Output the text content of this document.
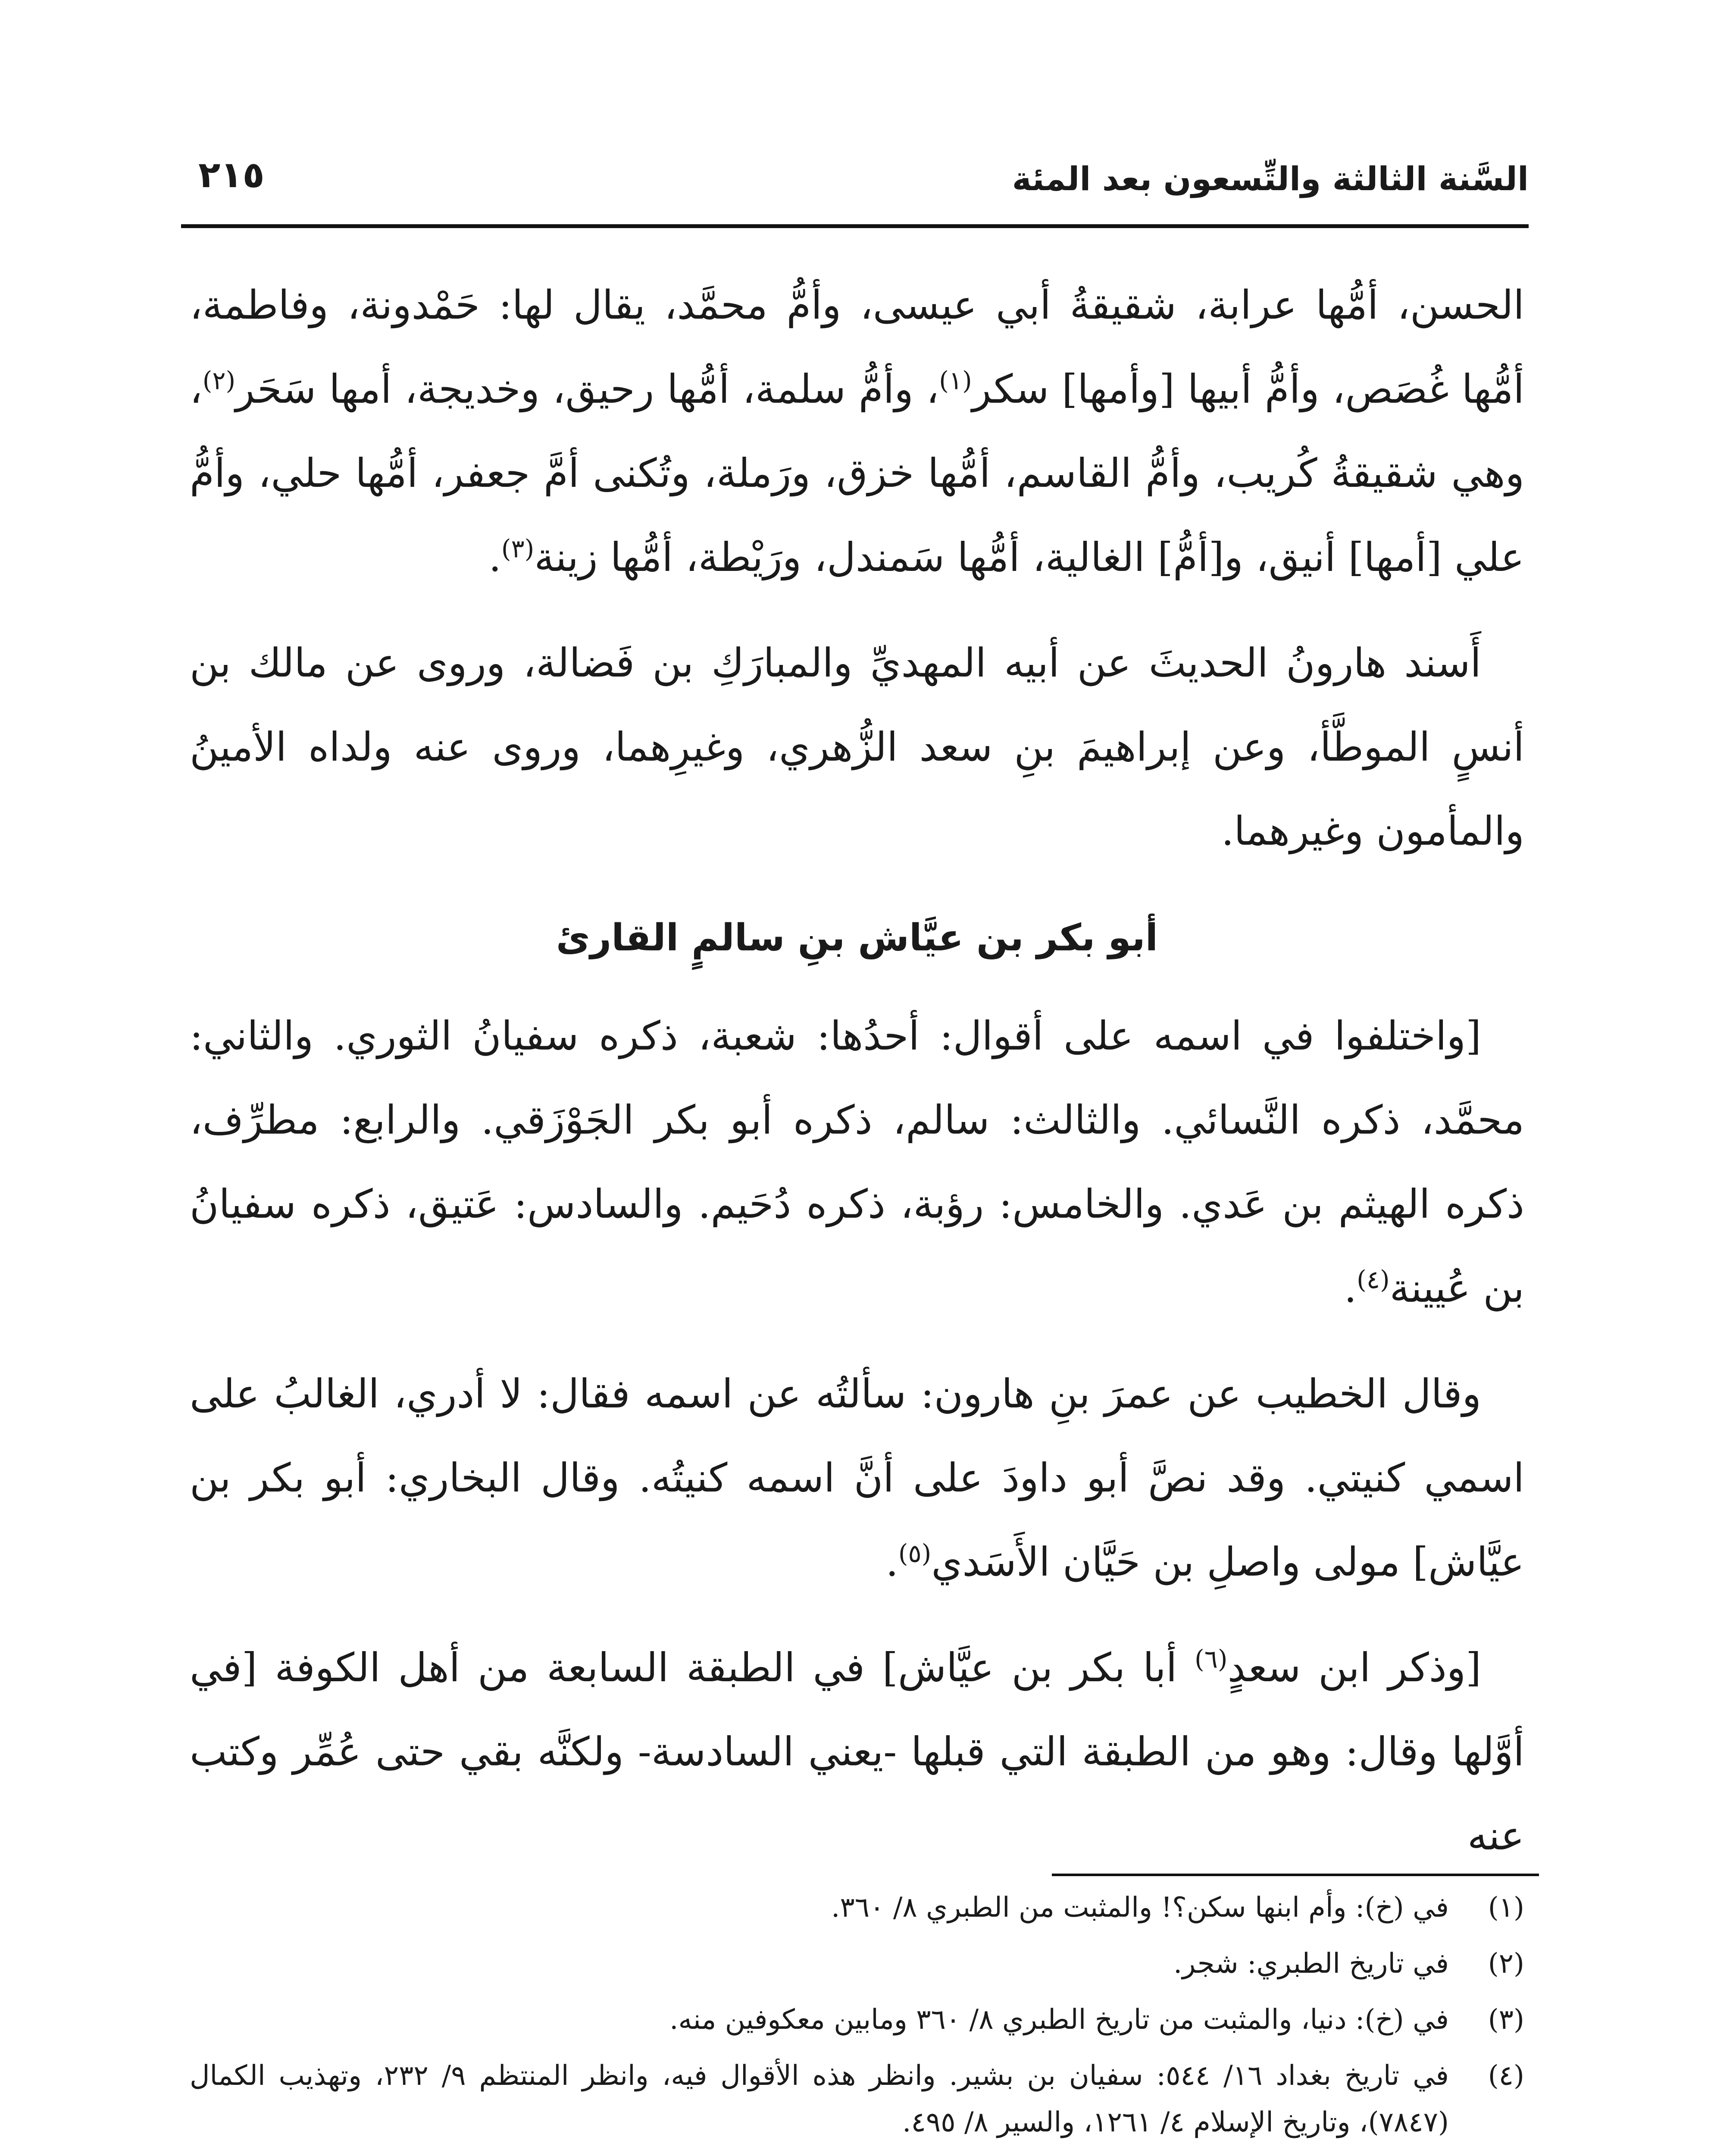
السَّنة الثالثة والتِّسعون بعد المئة
٢١٥

الحسن، أمُّها عرابة، شقيقةُ أبي عيسى، وأمُّ محمَّد، يقال لها: حَمْدونة، وفاطمة، أمُّها غُصَص، وأمُّ أبيها [وأمها] سكر$^{(١)}$، وأمُّ سلمة، أمُّها رحيق، وخديجة، أمها سَحَر$^{(٢)}$، وهي شقيقةُ كُريب، وأمُّ القاسم، أمُّها خزق، ورَملة، وتُكنى أمَّ جعفر، أمُّها حلي، وأمُّ علي [أمها] أنيق، و[أمُّ] الغالية، أمُّها سَمندل، ورَيْطة، أمُّها زينة$^{(٣)}$.

أَسند هارونُ الحديثَ عن أبيه المهديِّ والمبارَكِ بن فَضالة، وروى عن مالك بن أنسٍ الموطَّأ، وعن إبراهيمَ بنِ سعد الزُّهري، وغيرِهما، وروى عنه ولداه الأمينُ والمأمون وغيرهما.

أبو بكر بن عيَّاش بنِ سالمٍ القارئ

[واختلفوا في اسمه على أقوال: أحدُها: شعبة، ذكره سفيانُ الثوري. والثاني: محمَّد، ذكره النَّسائي. والثالث: سالم، ذكره أبو بكر الجَوْزَقي. والرابع: مطرِّف، ذكره الهيثم بن عَدي. والخامس: رؤبة، ذكره دُحَيم. والسادس: عَتيق، ذكره سفيانُ بن عُيينة$^{(٤)}$.

وقال الخطيب عن عمرَ بنِ هارون: سألتُه عن اسمه فقال: لا أدري، الغالبُ على اسمي كنيتي. وقد نصَّ أبو داودَ على أنَّ اسمه كنيتُه. وقال البخاري: أبو بكر بن عيَّاش] مولى واصلِ بن حَيَّان الأَسَدي$^{(٥)}$.

[وذكر ابن سعدٍ$^{(٦)}$ أبا بكر بن عيَّاش] في الطبقة السابعة من أهل الكوفة [في أوَّلها وقال: وهو من الطبقة التي قبلها -يعني السادسة- ولكنَّه بقي حتى عُمِّر وكتب عنه

(١)
في (خ): وأم ابنها سكن؟! والمثبت من الطبري ٨/ ٣٦٠.
(٢)
في تاريخ الطبري: شجر.
(٣)
في (خ): دنيا، والمثبت من تاريخ الطبري ٨/ ٣٦٠ ومابين معكوفين منه.
(٤)
في تاريخ بغداد ١٦/ ٥٤٤: سفيان بن بشير. وانظر هذه الأقوال فيه، وانظر المنتظم ٩/ ٢٣٢، وتهذيب الكمال (٧٨٤٧)، وتاريخ الإسلام ٤/ ١٢٦١، والسير ٨/ ٤٩٥.
